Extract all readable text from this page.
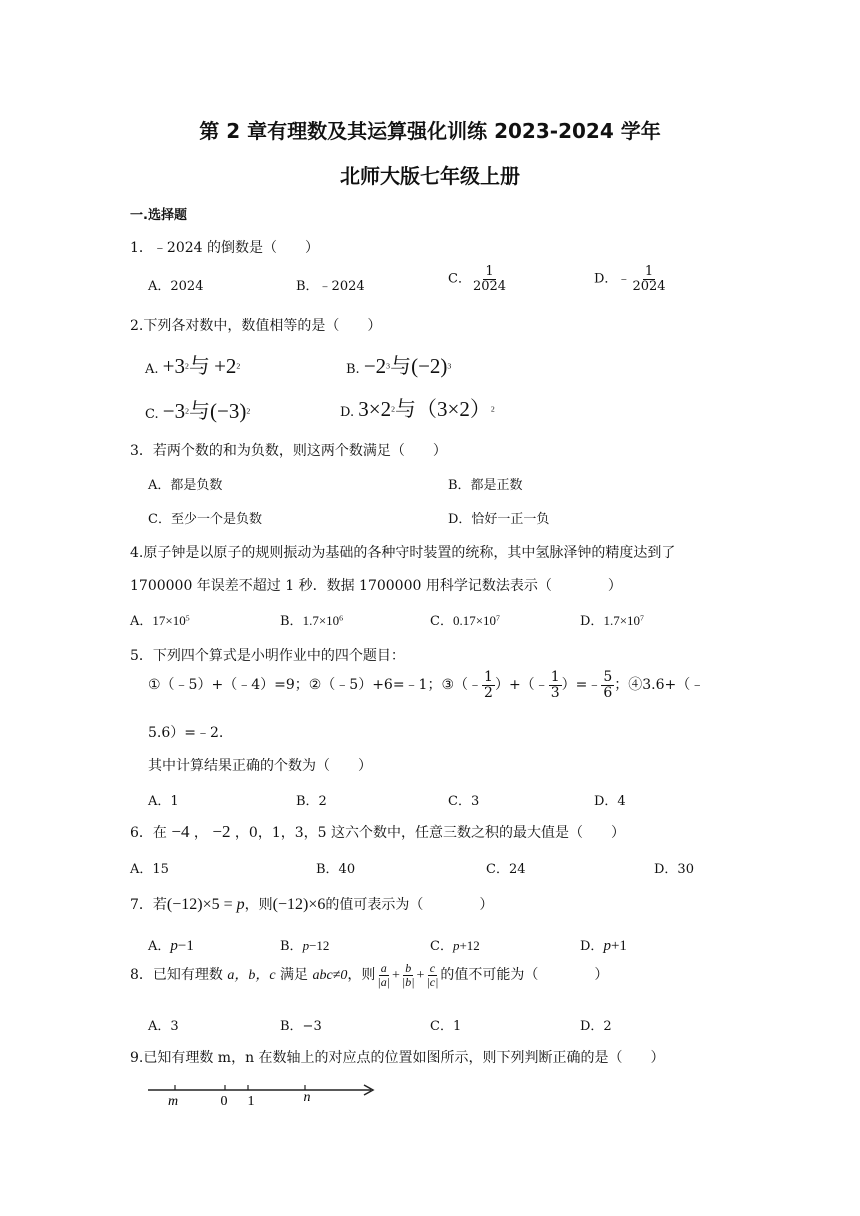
第 2 章有理数及其运算强化训练 2023-2024 学年
北师大版七年级上册
一.选择题
1．﹣2024 的倒数是（　　）
A．2024	B．﹣2024	C． $\frac{1}{2024}$	D．﹣ $\frac{1}{2024}$
2.下列各对数中，数值相等的是（　　）
A. $+3^2$与 $+2^2$	B. $-2^3$与$(-2)^3$
C. $-3^2$与$(-3)^2$	D. $3\times 2^2$与$(3\times 2)^2$
3．若两个数的和为负数，则这两个数满足（　　）
A．都是负数	B．都是正数
C．至少一个是负数	D．恰好一正一负
4.原子钟是以原子的规则振动为基础的各种守时装置的统称，其中氢脉泽钟的精度达到了
1700000 年误差不超过 1 秒．数据 1700000 用科学记数法表示（　　　　）
A．$17\times 10^5$	B．$1.7\times 10^6$	C．$0.17\times 10^7$	D．$1.7\times 10^7$
5．下列四个算式是小明作业中的四个题目：
①（﹣5）+（﹣4）=9；②（﹣5）+6=﹣1；③（﹣ $\frac{1}{2}$ ）+（﹣ $\frac{1}{3}$ ）=﹣ $\frac{5}{6}$ ；④3.6+（﹣
5.6）=﹣2.
其中计算结果正确的个数为（　　）
A．1	B．2	C．3	D．4
6．在 −4 ， −2 ，0，1，3，5 这六个数中，任意三数之积的最大值是（　　）
A．15	B．40	C．24	D．30
7．若(−12)×5 = p，则(−12)×6的值可表示为（　　　　）
A．p−1	B．p−12	C．p+12	D．p+1
8．已知有理数 a，b，c 满足 abc≠0，则 $\frac{a}{|a|} + \frac{b}{|b|} + \frac{c}{|c|}$ 的值不可能为（　　　　）
A．3	B．−3	C．1	D．2
9.已知有理数 m，n 在数轴上的对应点的位置如图所示，则下列判断正确的是（　　）
m	0 1	n
